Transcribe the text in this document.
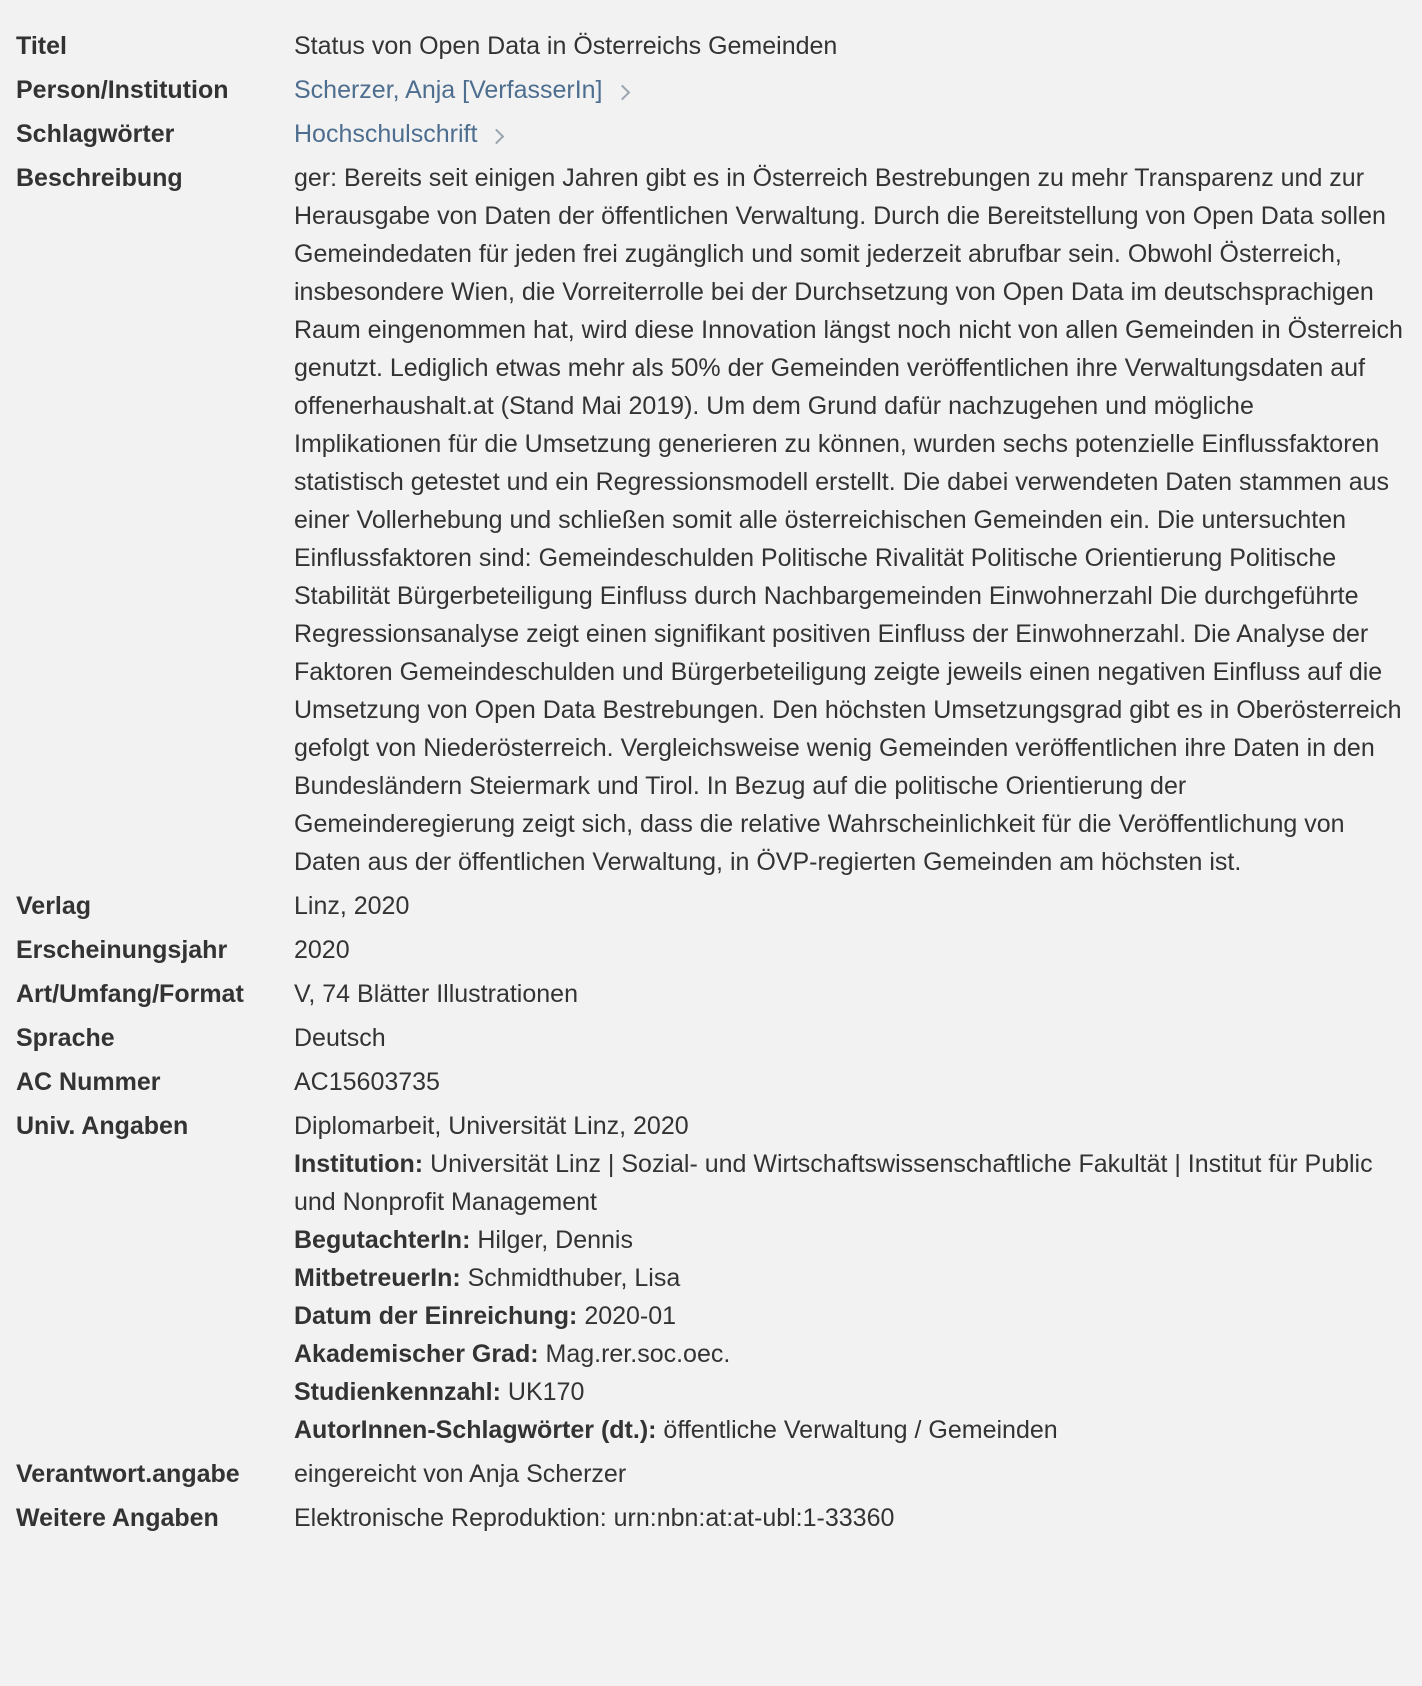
Titel	Status von Open Data in Österreichs Gemeinden
Person/Institution	Scherzer, Anja [VerfasserIn]
Schlagwörter	Hochschulschrift
Beschreibung	ger: Bereits seit einigen Jahren gibt es in Österreich Bestrebungen zu mehr Transparenz und zur Herausgabe von Daten der öffentlichen Verwaltung. Durch die Bereitstellung von Open Data sollen Gemeindedaten für jeden frei zugänglich und somit jederzeit abrufbar sein. Obwohl Österreich, insbesondere Wien, die Vorreiterrolle bei der Durchsetzung von Open Data im deutschsprachigen Raum eingenommen hat, wird diese Innovation längst noch nicht von allen Gemeinden in Österreich genutzt. Lediglich etwas mehr als 50% der Gemeinden veröffentlichen ihre Verwaltungsdaten auf offenerhaushalt.at (Stand Mai 2019). Um dem Grund dafür nachzugehen und mögliche Implikationen für die Umsetzung generieren zu können, wurden sechs potenzielle Einflussfaktoren statistisch getestet und ein Regressionsmodell erstellt. Die dabei verwendeten Daten stammen aus einer Vollerhebung und schließen somit alle österreichischen Gemeinden ein. Die untersuchten Einflussfaktoren sind: Gemeindeschulden Politische Rivalität Politische Orientierung Politische Stabilität Bürgerbeteiligung Einfluss durch Nachbargemeinden Einwohnerzahl Die durchgeführte Regressionsanalyse zeigt einen signifikant positiven Einfluss der Einwohnerzahl. Die Analyse der Faktoren Gemeindeschulden und Bürgerbeteiligung zeigte jeweils einen negativen Einfluss auf die Umsetzung von Open Data Bestrebungen. Den höchsten Umsetzungsgrad gibt es in Oberösterreich gefolgt von Niederösterreich. Vergleichsweise wenig Gemeinden veröffentlichen ihre Daten in den Bundesländern Steiermark und Tirol. In Bezug auf die politische Orientierung der Gemeinderegierung zeigt sich, dass die relative Wahrscheinlichkeit für die Veröffentlichung von Daten aus der öffentlichen Verwaltung, in ÖVP-regierten Gemeinden am höchsten ist.
Verlag	Linz, 2020
Erscheinungsjahr	2020
Art/Umfang/Format	V, 74 Blätter Illustrationen
Sprache	Deutsch
AC Nummer	AC15603735
Univ. Angaben	Diplomarbeit, Universität Linz, 2020
Institution: Universität Linz | Sozial- und Wirtschaftswissenschaftliche Fakultät | Institut für Public und Nonprofit Management
BegutachterIn: Hilger, Dennis
MitbetreuerIn: Schmidthuber, Lisa
Datum der Einreichung: 2020-01
Akademischer Grad: Mag.rer.soc.oec.
Studienkennzahl: UK170
AutorInnen-Schlagwörter (dt.): öffentliche Verwaltung / Gemeinden
Verantwort.angabe	eingereicht von Anja Scherzer
Weitere Angaben	Elektronische Reproduktion: urn:nbn:at:at-ubl:1-33360
